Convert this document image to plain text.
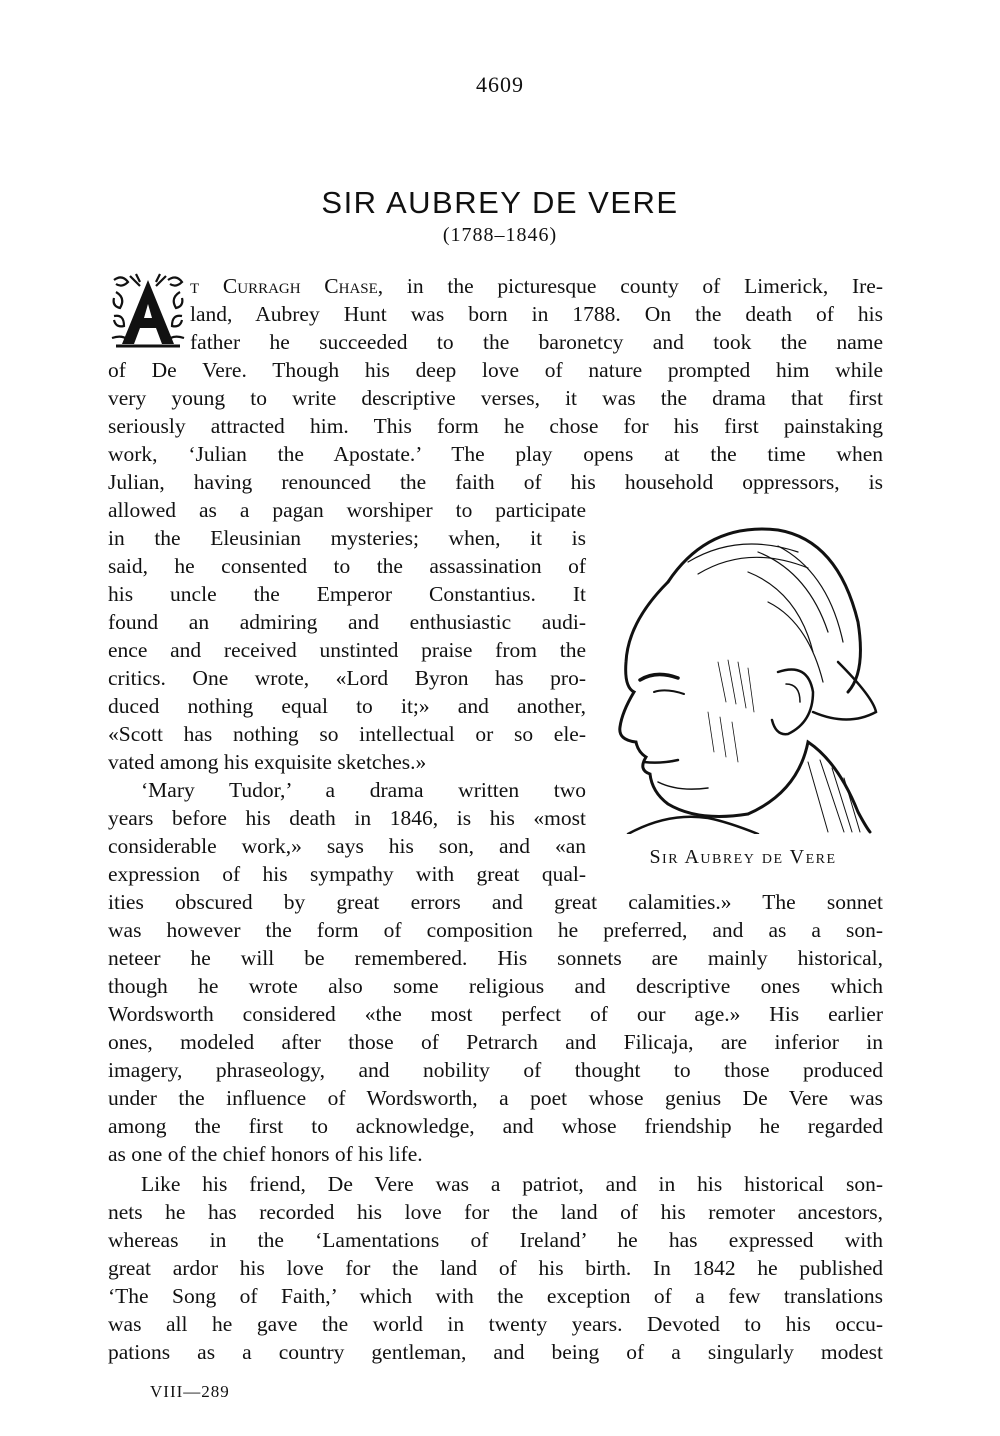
4609
SIR AUBREY DE VERE
(1788–1846)
t Curragh Chase, in the picturesque county of Limerick, Ire-
land, Aubrey Hunt was born in 1788. On the death of his
father he succeeded to the baronetcy and took the name
of De Vere. Though his deep love of nature prompted him while
very young to write descriptive verses, it was the drama that first
seriously attracted him. This form he chose for his first painstaking
work, ‘Julian the Apostate.’ The play opens at the time when
Julian, having renounced the faith of his household oppressors, is
allowed as a pagan worshiper to participate
in the Eleusinian mysteries; when, it is
said, he consented to the assassination of
his uncle the Emperor Constantius. It
found an admiring and enthusiastic audi-
ence and received unstinted praise from the
critics. One wrote, «Lord Byron has pro-
duced nothing equal to it;» and another,
«Scott has nothing so intellectual or so ele-
vated among his exquisite sketches.»
‘Mary Tudor,’ a drama written two
years before his death in 1846, is his «most
considerable work,» says his son, and «an
expression of his sympathy with great qual-
Sir Aubrey de Vere
ities obscured by great errors and great calamities.» The sonnet
was however the form of composition he preferred, and as a son-
neteer he will be remembered. His sonnets are mainly historical,
though he wrote also some religious and descriptive ones which
Wordsworth considered «the most perfect of our age.» His earlier
ones, modeled after those of Petrarch and Filicaja, are inferior in
imagery, phraseology, and nobility of thought to those produced
under the influence of Wordsworth, a poet whose genius De Vere was
among the first to acknowledge, and whose friendship he regarded
as one of the chief honors of his life.
Like his friend, De Vere was a patriot, and in his historical son-
nets he has recorded his love for the land of his remoter ancestors,
whereas in the ‘Lamentations of Ireland’ he has expressed with
great ardor his love for the land of his birth. In 1842 he published
‘The Song of Faith,’ which with the exception of a few translations
was all he gave the world in twenty years. Devoted to his occu-
pations as a country gentleman, and being of a singularly modest
VIII—289
